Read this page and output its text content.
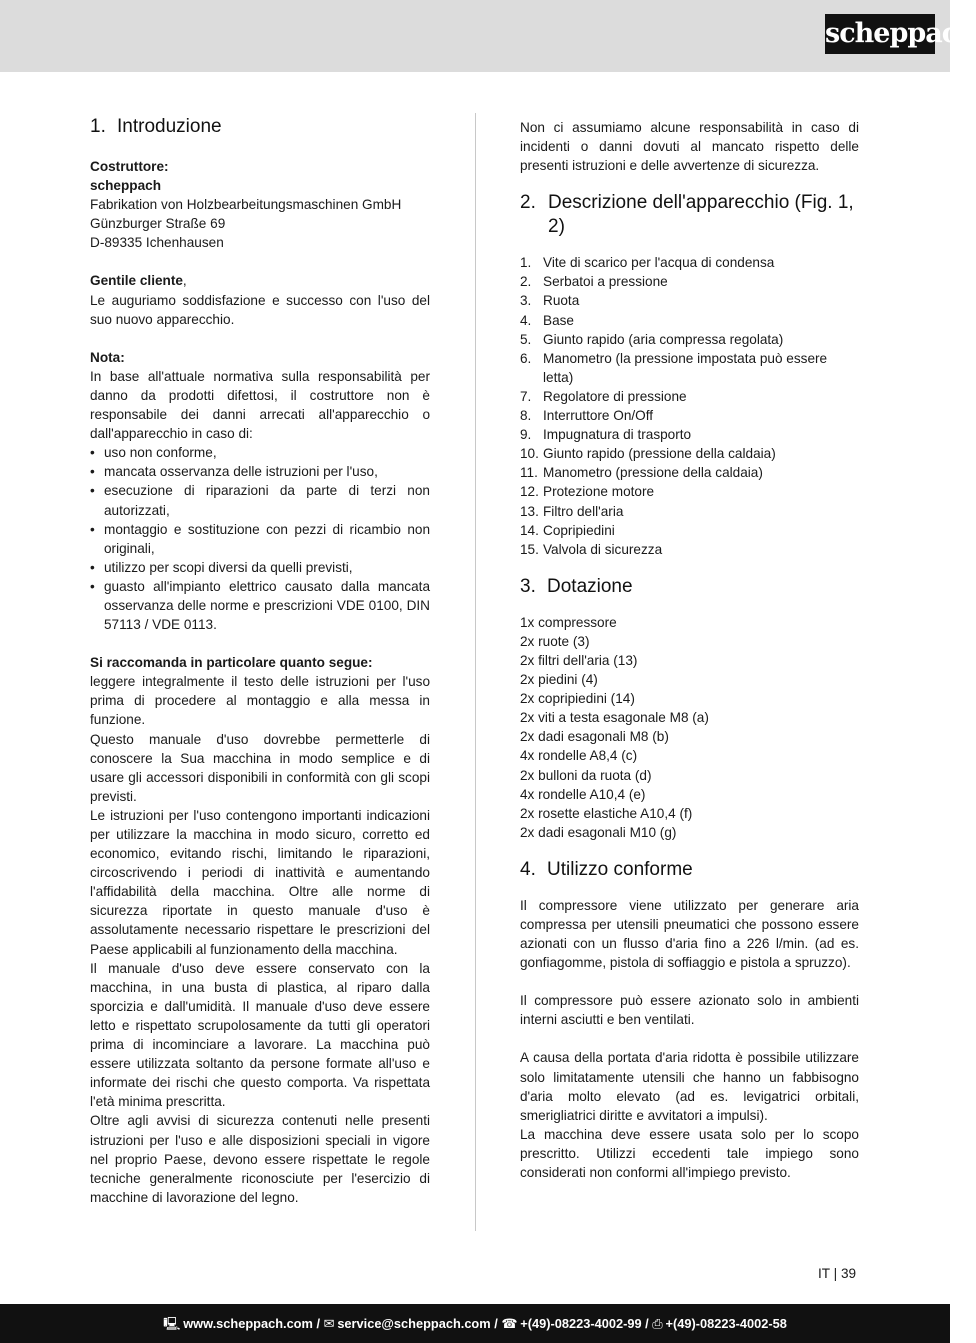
scheppach
1. Introduzione

Costruttore:

scheppach

Fabrikation von Holzbearbeitungsmaschinen GmbH

Günzburger Straße 69

D-89335 Ichenhausen

Gentile cliente,

Le auguriamo soddisfazione e successo con l'uso del suo nuovo apparecchio.

Nota:

In base all'attuale normativa sulla responsabilità per danno da prodotti difettosi, il costruttore non è responsabile dei danni arrecati all'apparecchio o dall'apparecchio in caso di:

• uso non conforme,
• mancata osservanza delle istruzioni per l'uso,
• esecuzione di riparazioni da parte di terzi non autorizzati,
• montaggio e sostituzione con pezzi di ricambio non originali,
• utilizzo per scopi diversi da quelli previsti,
• guasto all'impianto elettrico causato dalla mancata osservanza delle norme e prescrizioni VDE 0100, DIN 57113 / VDE 0113.

Si raccomanda in particolare quanto segue:

leggere integralmente il testo delle istruzioni per l'uso prima di procedere al montaggio e alla messa in funzione.

Questo manuale d'uso dovrebbe permetterle di conoscere la Sua macchina in modo semplice e di usare gli accessori disponibili in conformità con gli scopi previsti.

Le istruzioni per l'uso contengono importanti indicazioni per utilizzare la macchina in modo sicuro, corretto ed economico, evitando rischi, limitando le riparazioni, circoscrivendo i periodi di inattività e aumentando l'affidabilità della macchina. Oltre alle norme di sicurezza riportate in questo manuale d'uso è assolutamente necessario rispettare le prescrizioni del Paese applicabili al funzionamento della macchina.

Il manuale d'uso deve essere conservato con la macchina, in una busta di plastica, al riparo dalla sporcizia e dall'umidità. Il manuale d'uso deve essere letto e rispettato scrupolosamente da tutti gli operatori prima di incominciare a lavorare. La macchina può essere utilizzata soltanto da persone formate all'uso e informate dei rischi che questo comporta. Va rispettata l'età minima prescritta.

Oltre agli avvisi di sicurezza contenuti nelle presenti istruzioni per l'uso e alle disposizioni speciali in vigore nel proprio Paese, devono essere rispettate le regole tecniche generalmente riconosciute per l'esercizio di macchine di lavorazione del legno.

Non ci assumiamo alcune responsabilità in caso di incidenti o danni dovuti al mancato rispetto delle presenti istruzioni e delle avvertenze di sicurezza.

2. Descrizione dell'apparecchio (Fig. 1, 2)
1. Vite di scarico per l'acqua di condensa
2. Serbatoi a pressione
3. Ruota
4. Base
5. Giunto rapido (aria compressa regolata)
6. Manometro (la pressione impostata può essere letta)
7. Regolatore di pressione
8. Interruttore On/Off
9. Impugnatura di trasporto
10. Giunto rapido (pressione della caldaia)
11. Manometro (pressione della caldaia)
12. Protezione motore
13. Filtro dell'aria
14. Copripiedini
15. Valvola di sicurezza
3. Dotazione
1x compressore
2x ruote (3)
2x filtri dell'aria (13)
2x piedini (4)
2x copripiedini (14)
2x viti a testa esagonale M8 (a)
2x dadi esagonali M8 (b)
4x rondelle A8,4 (c)
2x bulloni da ruota (d)
4x rondelle A10,4 (e)
2x rosette elastiche A10,4 (f)
2x dadi esagonali M10 (g)
4. Utilizzo conforme

Il compressore viene utilizzato per generare aria compressa per utensili pneumatici che possono essere azionati con un flusso d'aria fino a 226 l/min. (ad es. gonfiagomme, pistola di soffiaggio e pistola a spruzzo).

Il compressore può essere azionato solo in ambienti interni asciutti e ben ventilati.

A causa della portata d'aria ridotta è possibile utilizzare solo limitatamente utensili che hanno un fabbisogno d'aria molto elevato (ad es. levigatrici orbitali, smerigliatrici diritte e avvitatori a impulsi).

La macchina deve essere usata solo per lo scopo prescritto. Utilizzi eccedenti tale impiego sono considerati non conformi all'impiego previsto.

IT | 39
🖳 www.scheppach.com / ✉ service@scheppach.com / ☎ +(49)-08223-4002-99 / ⎙ +(49)-08223-4002-58
